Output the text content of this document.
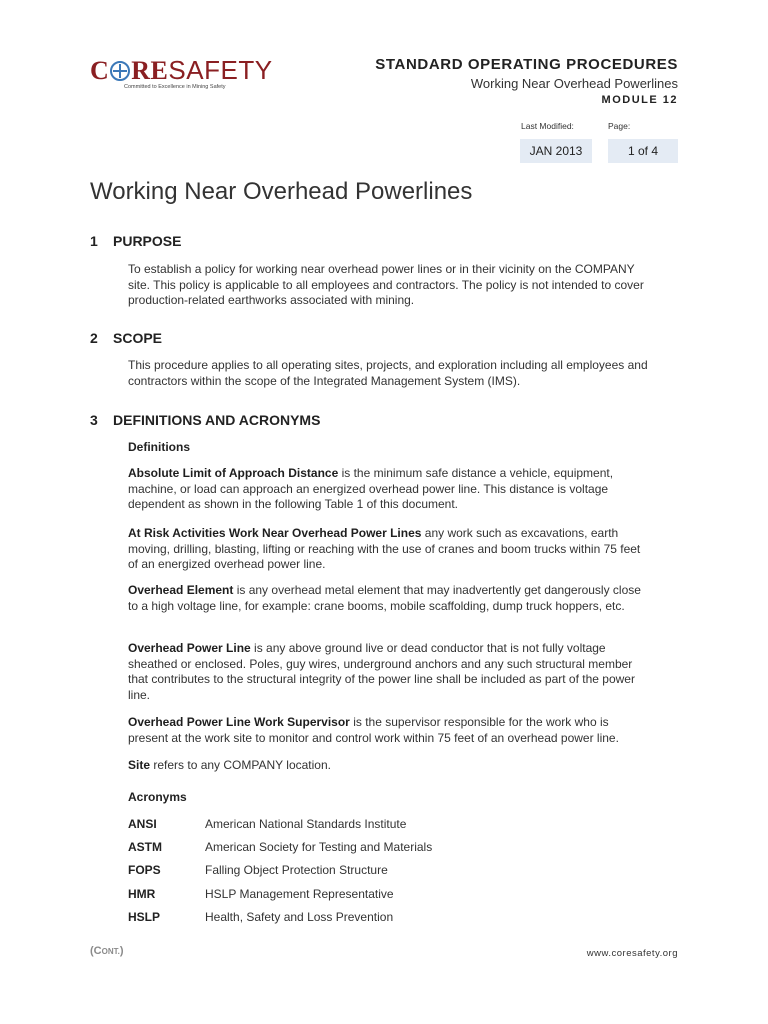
C RESAFETY
Committed to Excellence in Mining Safety
STANDARD OPERATING PROCEDURES
Working Near Overhead Powerlines
MODULE 12
Last Modified:	Page:
JAN 2013	1 of 4
Working Near Overhead Powerlines
1 PURPOSE
To establish a policy for working near overhead power lines or in their vicinity on the COMPANY site. This policy is applicable to all employees and contractors. The policy is not intended to cover production-related earthworks associated with mining.
2 SCOPE
This procedure applies to all operating sites, projects, and exploration including all employees and contractors within the scope of the Integrated Management System (IMS).
3 DEFINITIONS AND ACRONYMS
Definitions
Absolute Limit of Approach Distance is the minimum safe distance a vehicle, equipment, machine, or load can approach an energized overhead power line. This distance is voltage dependent as shown in the following Table 1 of this document.
At Risk Activities Work Near Overhead Power Lines any work such as excavations, earth moving, drilling, blasting, lifting or reaching with the use of cranes and boom trucks within 75 feet of an energized overhead power line.
Overhead Element is any overhead metal element that may inadvertently get dangerously close to a high voltage line, for example: crane booms, mobile scaffolding, dump truck hoppers, etc.
Overhead Power Line is any above ground live or dead conductor that is not fully voltage sheathed or enclosed. Poles, guy wires, underground anchors and any such structural member that contributes to the structural integrity of the power line shall be included as part of the power line.
Overhead Power Line Work Supervisor is the supervisor responsible for the work who is present at the work site to monitor and control work within 75 feet of an overhead power line.
Site refers to any COMPANY location.
Acronyms
ANSI	American National Standards Institute
ASTM	American Society for Testing and Materials
FOPS	Falling Object Protection Structure
HMR	HSLP Management Representative
HSLP	Health, Safety and Loss Prevention
(CONT.)	www.coresafety.org
